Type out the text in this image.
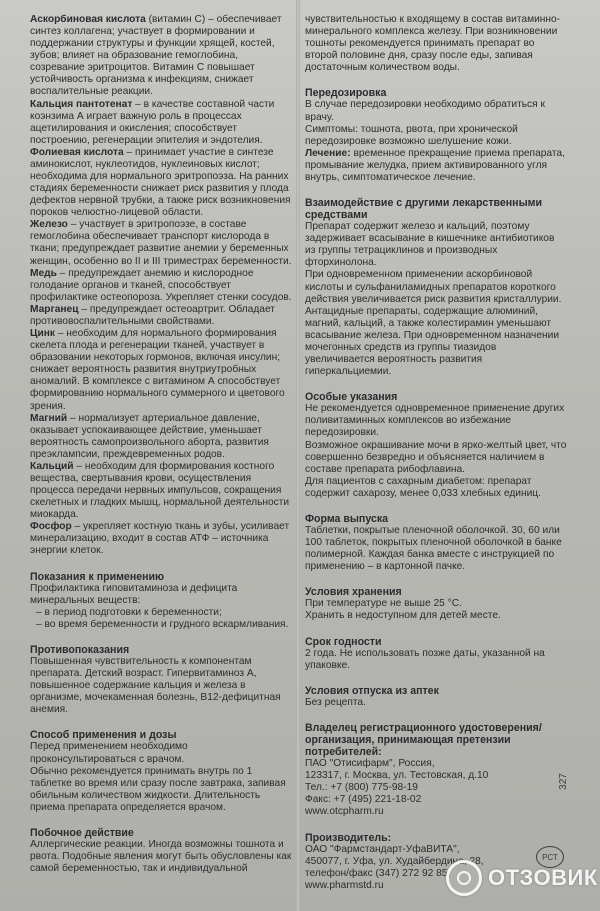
Аскорбиновая кислота (витамин С) – обеспечивает синтез коллагена; участвует в формировании и поддержании структуры и функции хрящей, костей, зубов; влияет на образование гемоглобина, созревание эритроцитов. Витамин С повышает устойчивость организма к инфекциям, снижает воспалительные реакции.
Кальция пантотенат – в качестве составной части коэнзима А играет важную роль в процессах ацетилирования и окисления; способствует построению, регенерации эпителия и эндотелия.
Фолиевая кислота – принимает участие в синтезе аминокислот, нуклеотидов, нуклеиновых кислот; необходима для нормального эритропоэза. На ранних стадиях беременности снижает риск развития у плода дефектов нервной трубки, а также риск возникновения пороков челюстно-лицевой области.
Железо – участвует в эритропоэзе, в составе гемоглобина обеспечивает транспорт кислорода в ткани; предупреждает развитие анемии у беременных женщин, особенно во II и III триместрах беременности.
Медь – предупреждает анемию и кислородное голодание органов и тканей, способствует профилактике остеопороза. Укрепляет стенки сосудов.
Марганец – предупреждает остеоартрит. Обладает противовоспалительными свойствами.
Цинк – необходим для нормального формирования скелета плода и регенерации тканей, участвует в образовании некоторых гормонов, включая инсулин; снижает вероятность развития внутриутробных аномалий. В комплексе с витамином А способствует формированию нормального суммерного и цветового зрения.
Магний – нормализует артериальное давление, оказывает успокаивающее действие, уменьшает вероятность самопроизвольного аборта, развития преэклампсии, преждевременных родов.
Кальций – необходим для формирования костного вещества, свертывания крови, осуществления процесса передачи нервных импульсов, сокращения скелетных и гладких мышц, нормальной деятельности миокарда.
Фосфор – укрепляет костную ткань и зубы, усиливает минерализацию, входит в состав АТФ – источника энергии клеток.
Показания к применению
Профилактика гиповитаминоза и дефицита минеральных веществ:
– в период подготовки к беременности;
– во время беременности и грудного вскармливания.
Противопоказания
Повышенная чувствительность к компонентам препарата. Детский возраст. Гипервитаминоз А, повышенное содержание кальция и железа в организме, мочекаменная болезнь, B12-дефицитная анемия.
Способ применения и дозы
Перед применением необходимо проконсультироваться с врачом.
Обычно рекомендуется принимать внутрь по 1 таблетке во время или сразу после завтрака, запивая обильным количеством жидкости. Длительность приема препарата определяется врачом.
Побочное действие
Аллергические реакции. Иногда возможны тошнота и рвота. Подобные явления могут быть обусловлены как самой беременностью, так и индивидуальной
чувствительностью к входящему в состав витаминно-минерального комплекса железу. При возникновении тошноты рекомендуется принимать препарат во второй половине дня, сразу после еды, запивая достаточным количеством воды.
Передозировка
В случае передозировки необходимо обратиться к врачу.
Симптомы: тошнота, рвота, при хронической передозировке возможно шелушение кожи.
Лечение: временное прекращение приема препарата, промывание желудка, прием активированного угля внутрь, симптоматическое лечение.
Взаимодействие с другими лекарственными средствами
Препарат содержит железо и кальций, поэтому задерживает всасывание в кишечнике антибиотиков из группы тетрациклинов и производных фторхинолона.
При одновременном применении аскорбиновой кислоты и сульфаниламидных препаратов короткого действия увеличивается риск развития кристаллурии.
Антацидные препараты, содержащие алюминий, магний, кальций, а также колестирамин уменьшают всасывание железа. При одновременном назначении мочегонных средств из группы тиазидов увеличивается вероятность развития гиперкальциемии.
Особые указания
Не рекомендуется одновременное применение других поливитаминных комплексов во избежание передозировки.
Возможное окрашивание мочи в ярко-желтый цвет, что совершенно безвредно и объясняется наличием в составе препарата рибофлавина.
Для пациентов с сахарным диабетом: препарат содержит сахарозу, менее 0,033 хлебных единиц.
Форма выпуска
Таблетки, покрытые пленочной оболочкой. 30, 60 или 100 таблеток, покрытых пленочной оболочкой в банке полимерной. Каждая банка вместе с инструкцией по применению – в картонной пачке.
Условия хранения
При температуре не выше 25 °С.
Хранить в недоступном для детей месте.
Срок годности
2 года. Не использовать позже даты, указанной на упаковке.
Условия отпуска из аптек
Без рецепта.
Владелец регистрационного удостоверения/организация, принимающая претензии потребителей:
ПАО "Отисифарм", Россия,
123317, г. Москва, ул. Тестовская, д.10
Тел.: +7 (800) 775-98-19
Факс: +7 (495) 221-18-02
www.otcpharm.ru
Производитель:
ОАО "Фармстандарт-УфаВИТА",
450077, г. Уфа, ул. Худайбердина, 28,
телефон/факс (347) 272 92 85,
www.pharmstd.ru
327
РСТ
ОТЗОВИК
